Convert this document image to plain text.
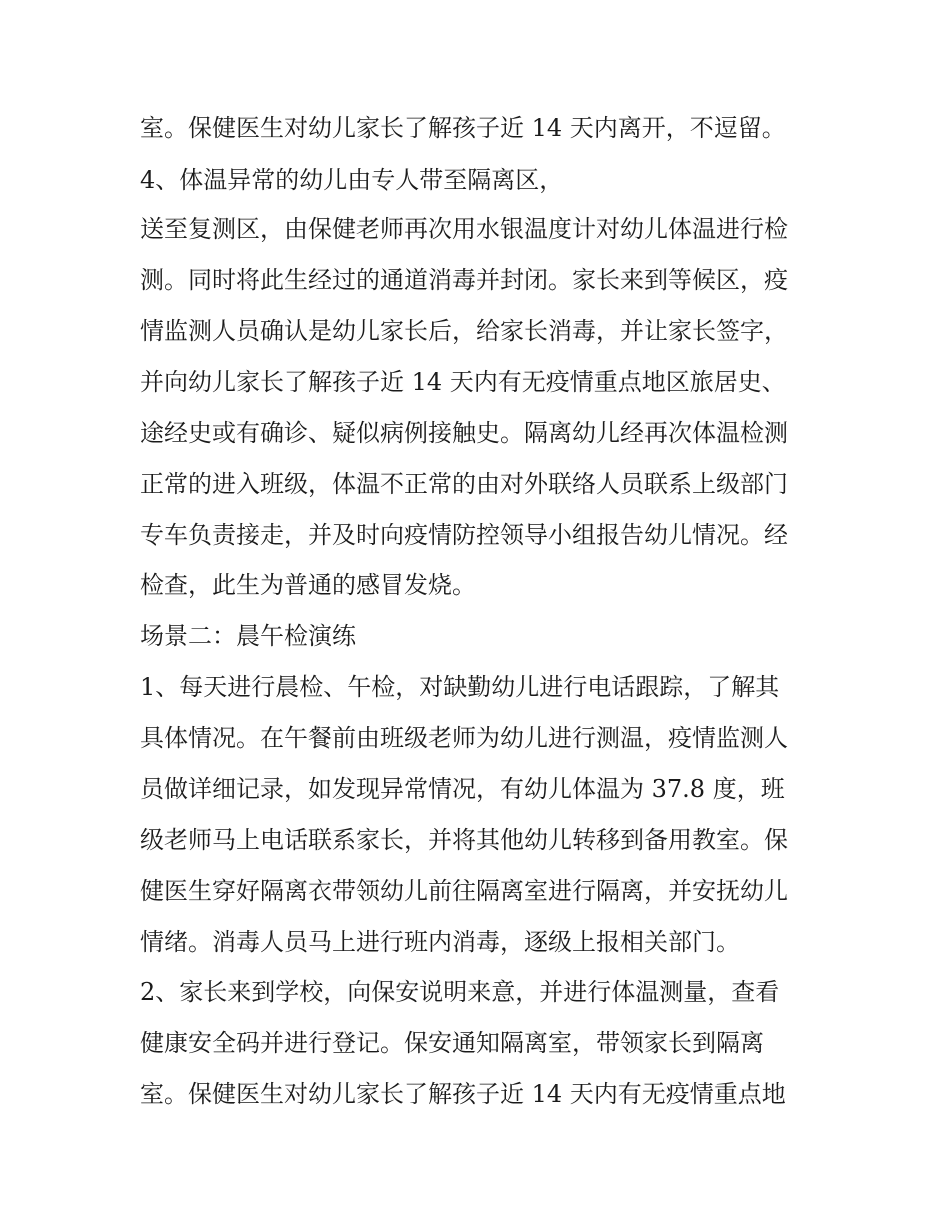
室。保健医生对幼儿家长了解孩子近 14 天内离开，不逗留。
4、体温异常的幼儿由专人带至隔离区，
送至复测区，由保健老师再次用水银温度计对幼儿体温进行检
测。同时将此生经过的通道消毒并封闭。家长来到等候区，疫
情监测人员确认是幼儿家长后，给家长消毒，并让家长签字，
并向幼儿家长了解孩子近 14 天内有无疫情重点地区旅居史、
途经史或有确诊、疑似病例接触史。隔离幼儿经再次体温检测
正常的进入班级，体温不正常的由对外联络人员联系上级部门
专车负责接走，并及时向疫情防控领导小组报告幼儿情况。经
检查，此生为普通的感冒发烧。
场景二：晨午检演练
1、每天进行晨检、午检，对缺勤幼儿进行电话跟踪，了解其
具体情况。在午餐前由班级老师为幼儿进行测温，疫情监测人
员做详细记录，如发现异常情况，有幼儿体温为 37.8 度，班
级老师马上电话联系家长，并将其他幼儿转移到备用教室。保
健医生穿好隔离衣带领幼儿前往隔离室进行隔离，并安抚幼儿
情绪。消毒人员马上进行班内消毒，逐级上报相关部门。
2、家长来到学校，向保安说明来意，并进行体温测量，查看
健康安全码并进行登记。保安通知隔离室，带领家长到隔离
室。保健医生对幼儿家长了解孩子近 14 天内有无疫情重点地
